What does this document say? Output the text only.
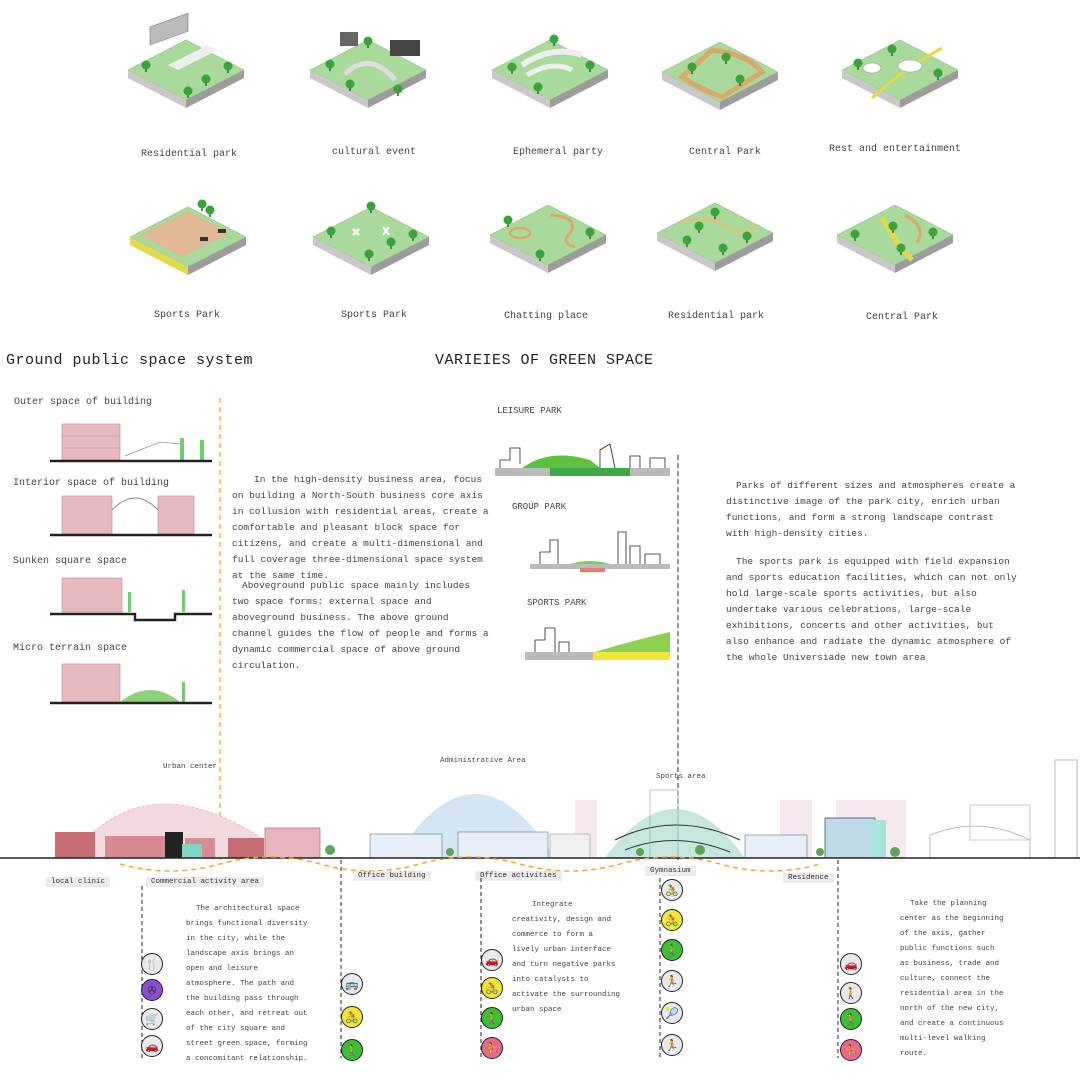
Residential park	cultural event	Ephemeral party	Central Park	Rest and entertainment
Sports Park	Sports Park	Chatting place	Residential park	Central Park
Ground public space system	VARIEIES OF GREEN SPACE
Outer space of building
Interior space of building
Sunken square space
Micro terrain space
LEISURE PARK
GROUP PARK
SPORTS PARK
In the high-density business area, focus on building a North-South business core axis in collusion with residential areas, create a comfortable and pleasant block space for citizens, and create a multi-dimensional and full coverage three-dimensional space system at the same time.
Aboveground public space mainly includes two space forms: external space and aboveground business. The above ground channel guides the flow of people and forms a dynamic commercial space of above ground circulation.
Parks of different sizes and atmospheres create a distinctive image of the park city, enrich urban functions, and form a strong landscape contrast with high-density cities.
The sports park is equipped with field expansion and sports education facilities, which can not only hold large-scale sports activities, but also undertake various celebrations, large-scale exhibitions, concerts and other activities, but also enhance and radiate the dynamic atmosphere of the whole Universiade new town area
Urban center
Administrative Area
Sports area
local clinic	Commercial activity area
Office building	Office activities
Gymnasium
Residence
The architectural space brings functional diversity in the city, while the landscape axis brings an open and leisure atmosphere. The path and the building pass through each other, and retreat out of the city square and street green space, forming a concomitant relationship.
Integrate creativity, design and commerce to form a lively urban interface and turn negative parks into catalysts to activate the surrounding urban space
Take the planning center as the beginning of the axis, gather public functions such as business, trade and culture, connect the residential area in the north of the new city, and create a continuous multi-level walking route.
🍴
✇
🛒
🚗
🚌
🚴
🚶
🚗
🚴
🚶
⛹
🚴
🚴
🚶
🏃
🎾
🏃
🚗
🚶
🚶
⛹
